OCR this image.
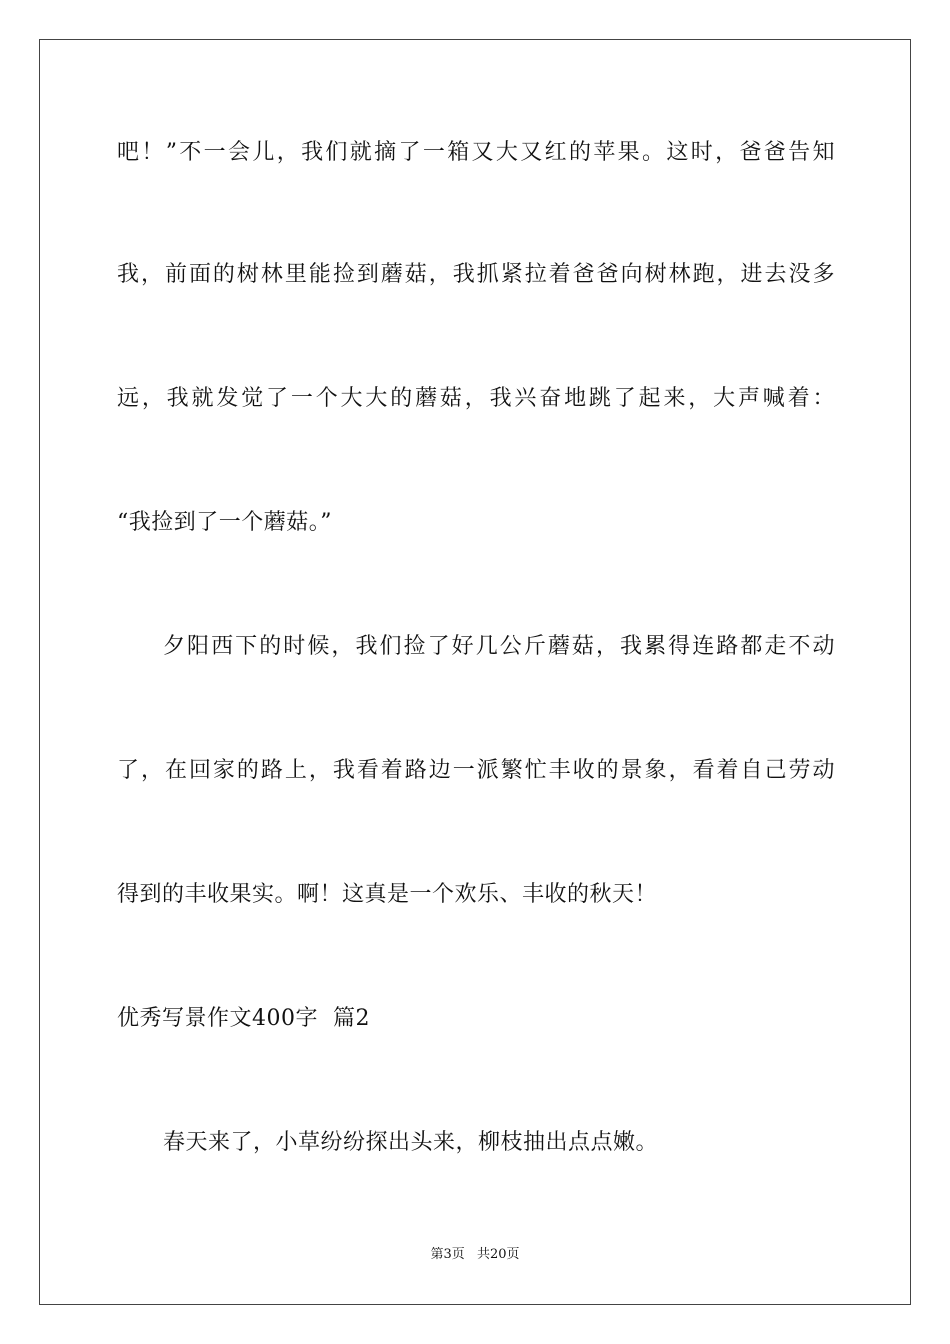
吧！”不一会儿，我们就摘了一箱又大又红的苹果。这时，爸爸告知
我，前面的树林里能捡到蘑菇，我抓紧拉着爸爸向树林跑，进去没多
远，我就发觉了一个大大的蘑菇，我兴奋地跳了起来，大声喊着：
“我捡到了一个蘑菇。”
夕阳西下的时候，我们捡了好几公斤蘑菇，我累得连路都走不动
了，在回家的路上，我看着路边一派繁忙丰收的景象，看着自己劳动
得到的丰收果实。啊！这真是一个欢乐、丰收的秋天！
优秀写景作文400字  篇2
春天来了，小草纷纷探出头来，柳枝抽出点点嫩。
第3页 共20页
